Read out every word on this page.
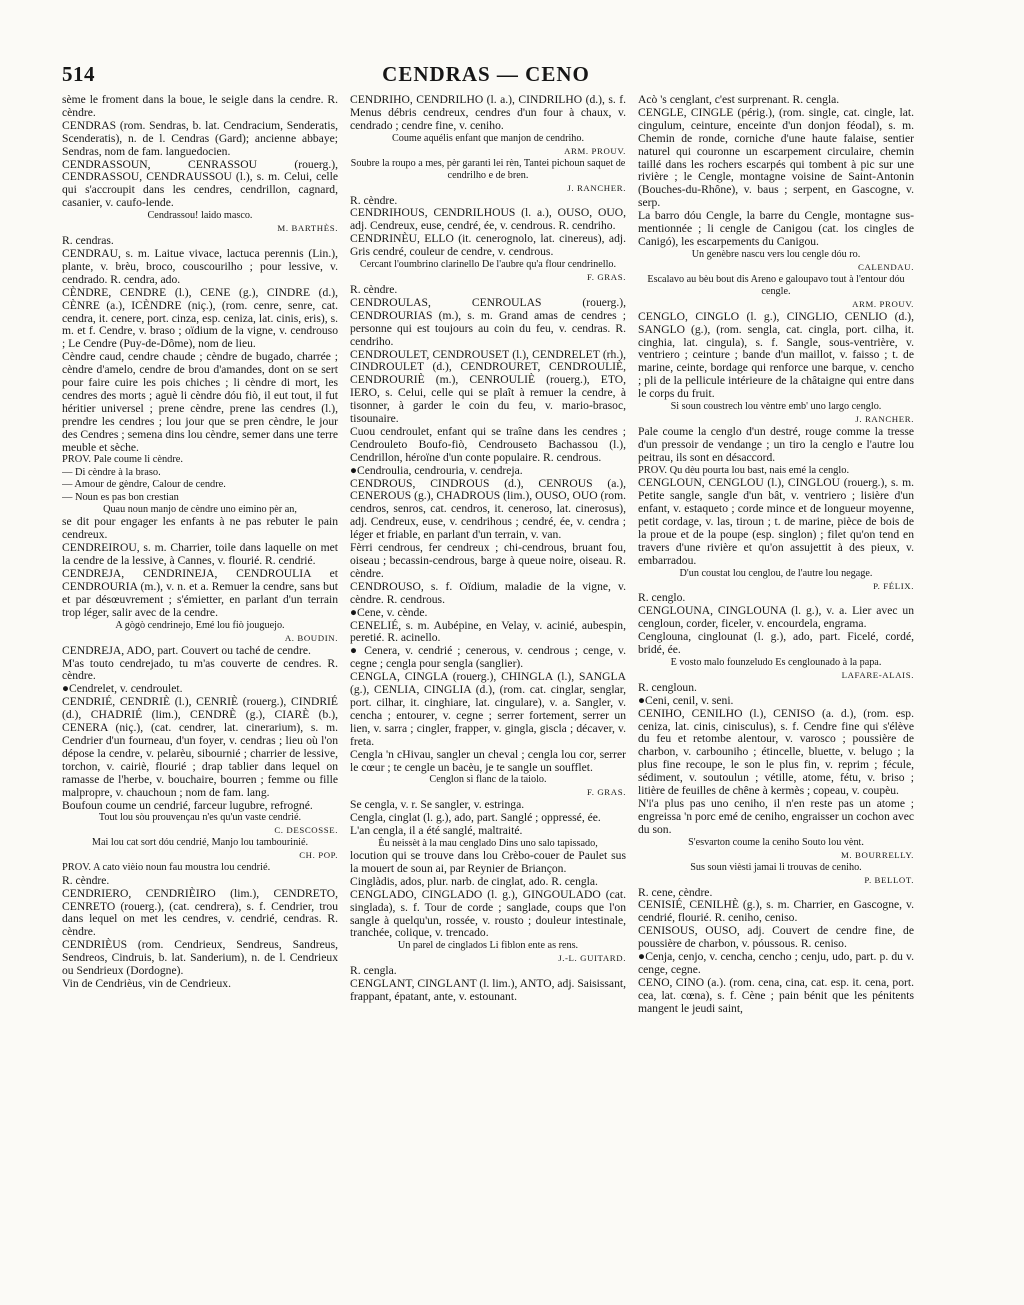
514	CENDRAS — CENO

sème le froment dans la boue, le seigle dans la cendre. R. cèndre.

CENDRAS (rom. Sendras, b. lat. Cendracium, Senderatis, Scenderatis), n. de l. Cendras (Gard); ancienne abbaye; Sendras, nom de fam. languedocien.

CENDRASSOUN, CENRASSOU (rouerg.), CENDRASSOU, CENDRAUSSOU (l.), s. m. Celui, celle qui s'accroupit dans les cendres, cendrillon, cagnard, casanier, v. caufo-lende.

Cendrassou! laido masco.

M. BARTHÈS.

R. cendras.

CENDRAU, s. m. Laitue vivace, lactuca perennis (Lin.), plante, v. brèu, broco, couscourilho ; pour lessive, v. cendrado. R. cendra, ado.

CÈNDRE, CENDRE (l.), CENE (g.), CINDRE (d.), CÈNRE (a.), ICÈNDRE (niç.), (rom. cenre, senre, cat. cendra, it. cenere, port. cinza, esp. ceniza, lat. cinis, eris), s. m. et f. Cendre, v. braso ; oïdium de la vigne, v. cendrouso ; Le Cendre (Puy-de-Dôme), nom de lieu.

Cèndre caud, cendre chaude ; cèndre de bugado, charrée ; cèndre d'amelo, cendre de brou d'amandes, dont on se sert pour faire cuire les pois chiches ; li cèndre di mort, les cendres des morts ; aguè li cèndre dóu fiò, il eut tout, il fut héritier universel ; prene cèndre, prene las cendres (l.), prendre les cendres ; lou jour que se pren cèndre, le jour des Cendres ; semena dins lou cèndre, semer dans une terre meuble et sèche.

PROV. Pale coume li cèndre.

— Di cèndre à la braso.

— Amour de gèndre, Calour de cendre.

— Noun es pas bon crestian

Quau noun manjo de cèndre uno eimino pèr an,

se dit pour engager les enfants à ne pas rebuter le pain cendreux.

CENDREIROU, s. m. Charrier, toile dans laquelle on met la cendre de la lessive, à Cannes, v. flourié. R. cendrié.

CENDREJA, CENDRINEJA, CENDROULIA et CENDROURIA (m.), v. n. et a. Remuer la cendre, sans but et par désœuvrement ; s'émietter, en parlant d'un terrain trop léger, salir avec de la cendre.

A gògò cendrinejo, Emé lou fiò jouguejo.

A. BOUDIN.

CENDREJA, ADO, part. Couvert ou taché de cendre.

M'as touto cendrejado, tu m'as couverte de cendres. R. cèndre.

●Cendrelet, v. cendroulet.

CENDRIÉ, CENDRIÈ (l.), CENRIÈ (rouerg.), CINDRIÉ (d.), CHADRIÉ (lim.), CENDRÈ (g.), CIARÈ (b.), CENERA (niç.), (cat. cendrer, lat. cinerarium), s. m. Cendrier d'un fourneau, d'un foyer, v. cendras ; lieu où l'on dépose la cendre, v. pelarèu, sibournié ; charrier de lessive, torchon, v. cairiè, flourié ; drap tablier dans lequel on ramasse de l'herbe, v. bouchaire, bourren ; femme ou fille malpropre, v. chauchoun ; nom de fam. lang.

Boufoun coume un cendrié, farceur lugubre, refrogné.

Tout lou sòu prouvençau n'es qu'un vaste cendrié.

C. DESCOSSE.

Mai lou cat sort dóu cendrié, Manjo lou tambourinié.

CH. POP.

PROV. A cato vièio noun fau moustra lou cendrié.

R. cèndre.

CENDRIERO, CENDRIÈIRO (lim.), CENDRETO, CENRETO (rouerg.), (cat. cendrera), s. f. Cendrier, trou dans lequel on met les cendres, v. cendrié, cendras. R. cèndre.

CENDRIÈUS (rom. Cendrieux, Sendreus, Sandreus, Sendreos, Cindruis, b. lat. Sanderium), n. de l. Cendrieux ou Sendrieux (Dordogne).

Vin de Cendrièus, vin de Cendrieux.

CENDRIHO, CENDRILHO (l. a.), CINDRILHO (d.), s. f. Menus débris cendreux, cendres d'un four à chaux, v. cendrado ; cendre fine, v. ceniho.

Coume aquélis enfant que manjon de cendriho.

ARM. PROUV.

Soubre la roupo a mes, pèr garanti lei rèn, Tantei pichoun saquet de cendrilho e de bren.

J. RANCHER.

R. cèndre.

CENDRIHOUS, CENDRILHOUS (l. a.), OUSO, OUO, adj. Cendreux, euse, cendré, ée, v. cendrous. R. cendriho.

CENDRINÈU, ELLO (it. cenerognolo, lat. cinereus), adj. Gris cendré, couleur de cendre, v. cendrous.

Cercant l'oumbrino clarinello De l'aubre qu'a flour cendrinello.

F. GRAS.

R. cèndre.

CENDROULAS, CENROULAS (rouerg.), CENDROURIAS (m.), s. m. Grand amas de cendres ; personne qui est toujours au coin du feu, v. cendras. R. cendriho.

CENDROULET, CENDROUSET (l.), CENDRELET (rh.), CINDROULET (d.), CENDROURET, CENDROULIÈ, CENDROURIÈ (m.), CENROULIÈ (rouerg.), ETO, IERO, s. Celui, celle qui se plaît à remuer la cendre, à tisonner, à garder le coin du feu, v. mario-brasoc, tisounaire.

Cuou cendroulet, enfant qui se traîne dans les cendres ; Cendrouleto Boufo-fiò, Cendrouseto Bachassou (l.), Cendrillon, héroïne d'un conte populaire. R. cendrous.

●Cendroulia, cendrouria, v. cendreja.

CENDROUS, CINDROUS (d.), CENROUS (a.), CENEROUS (g.), CHADROUS (lim.), OUSO, OUO (rom. cendros, senros, cat. cendros, it. ceneroso, lat. cinerosus), adj. Cendreux, euse, v. cendrihous ; cendré, ée, v. cendra ; léger et friable, en parlant d'un terrain, v. van.

Fèrri cendrous, fer cendreux ; chi-cendrous, bruant fou, oiseau ; becassin-cendrous, barge à queue noire, oiseau. R. cèndre.

CENDROUSO, s. f. Oïdium, maladie de la vigne, v. cèndre. R. cendrous.

●Cene, v. cènde.

CENELIÉ, s. m. Aubépine, en Velay, v. acinié, aubespin, peretié. R. acinello.

● Cenera, v. cendrié ; cenerous, v. cendrous ; cenge, v. cegne ; cengla pour sengla (sanglier).

CENGLA, CINGLA (rouerg.), CHINGLA (l.), SANGLA (g.), CENLIA, CINGLIA (d.), (rom. cat. cinglar, senglar, port. cilhar, it. cinghiare, lat. cingulare), v. a. Sangler, v. cencha ; entourer, v. cegne ; serrer fortement, serrer un lien, v. sarra ; cingler, frapper, v. gingla, giscla ; décaver, v. freta.

Cengla 'n cHivau, sangler un cheval ; cengla lou cor, serrer le cœur ; te cengle un bacèu, je te sangle un soufflet.

Cenglon si flanc de la taiolo.

F. GRAS.

Se cengla, v. r. Se sangler, v. estringa.

Cengla, cinglat (l. g.), ado, part. Sanglé ; oppressé, ée.

L'an cengla, il a été sanglé, maltraité.

Èu neissèt à la mau cenglado Dins uno salo tapissado,

locution qui se trouve dans lou Crèbo-couer de Paulet sus la mouert de soun ai, par Reynier de Briançon.

Cinglàdis, ados, plur. narb. de cinglat, ado. R. cengla.

CENGLADO, CINGLADO (l. g.), GINGOULADO (cat. singlada), s. f. Tour de corde ; sanglade, coups que l'on sangle à quelqu'un, rossée, v. rousto ; douleur intestinale, tranchée, colique, v. trencado.

Un parel de cinglados Li fiblon ente as rens.

J.-L. GUITARD.

R. cengla.

CENGLANT, CINGLANT (l. lim.), ANTO, adj. Saisissant, frappant, épatant, ante, v. estounant.

Acò 's cenglant, c'est surprenant. R. cengla.

CENGLE, CINGLE (périg.), (rom. single, cat. cingle, lat. cingulum, ceinture, enceinte d'un donjon féodal), s. m. Chemin de ronde, corniche d'une haute falaise, sentier naturel qui couronne un escarpement circulaire, chemin taillé dans les rochers escarpés qui tombent à pic sur une rivière ; le Cengle, montagne voisine de Saint-Antonin (Bouches-du-Rhône), v. baus ; serpent, en Gascogne, v. serp.

La barro dóu Cengle, la barre du Cengle, montagne sus-mentionnée ; li cengle de Canigou (cat. los cingles de Canigó), les escarpements du Canigou.

Un genèbre nascu vers lou cengle dóu ro.

CALENDAU.

Escalavo au bèu bout dis Areno e galoupavo tout à l'entour dóu cengle.

ARM. PROUV.

CENGLO, CINGLO (l. g.), CINGLIO, CENLIO (d.), SANGLO (g.), (rom. sengla, cat. cingla, port. cilha, it. cinghia, lat. cingula), s. f. Sangle, sous-ventrière, v. ventriero ; ceinture ; bande d'un maillot, v. faisso ; t. de marine, ceinte, bordage qui renforce une barque, v. cencho ; pli de la pellicule intérieure de la châtaigne qui entre dans le corps du fruit.

Si soun coustrech lou vèntre emb' uno largo cenglo.

J. RANCHER.

Pale coume la cenglo d'un destré, rouge comme la tresse d'un pressoir de vendange ; un tiro la cenglo e l'autre lou peitrau, ils sont en désaccord.

PROV. Qu dèu pourta lou bast, nais emé la cenglo.

CENGLOUN, CENGLOU (l.), CINGLOU (rouerg.), s. m. Petite sangle, sangle d'un bât, v. ventriero ; lisière d'un enfant, v. estaqueto ; corde mince et de longueur moyenne, petit cordage, v. las, tiroun ; t. de marine, pièce de bois de la proue et de la poupe (esp. singlon) ; filet qu'on tend en travers d'une rivière et qu'on assujettit à des pieux, v. embarradou.

D'un coustat lou cenglou, de l'autre lou negage.

P. FÉLIX.

R. cenglo.

CENGLOUNA, CINGLOUNA (l. g.), v. a. Lier avec un cengloun, corder, ficeler, v. encourdela, engrama.

Cenglouna, cinglounat (l. g.), ado, part. Ficelé, cordé, bridé, ée.

E vosto malo founzeludo Es cenglounado à la papa.

LAFARE-ALAIS.

R. cengloun.

●Ceni, cenil, v. seni.

CENIHO, CENILHO (l.), CENISO (a. d.), (rom. esp. ceniza, lat. cinis, cinisculus), s. f. Cendre fine qui s'élève du feu et retombe alentour, v. varosco ; poussière de charbon, v. carbouniho ; étincelle, bluette, v. belugo ; la plus fine recoupe, le son le plus fin, v. reprim ; fécule, sédiment, v. soutoulun ; vétille, atome, fétu, v. briso ; litière de feuilles de chêne à kermès ; copeau, v. coupèu.

N'i'a plus pas uno ceniho, il n'en reste pas un atome ; engreissa 'n porc emé de ceniho, engraisser un cochon avec du son.

S'esvarton coume la ceniho Souto lou vènt.

M. BOURRELLY.

Sus soun vièsti jamai li trouvas de ceniho.

P. BELLOT.

R. cene, cèndre.

CENISIÉ, CENILHÈ (g.), s. m. Charrier, en Gascogne, v. cendrié, flourié. R. ceniho, ceniso.

CENISOUS, OUSO, adj. Couvert de cendre fine, de poussière de charbon, v. póussous. R. ceniso.

●Cenja, cenjo, v. cencha, cencho ; cenju, udo, part. p. du v. cenge, cegne.

CENO, CINO (a.). (rom. cena, cina, cat. esp. it. cena, port. cea, lat. cœna), s. f. Cène ; pain bénit que les pénitents mangent le jeudi saint,
